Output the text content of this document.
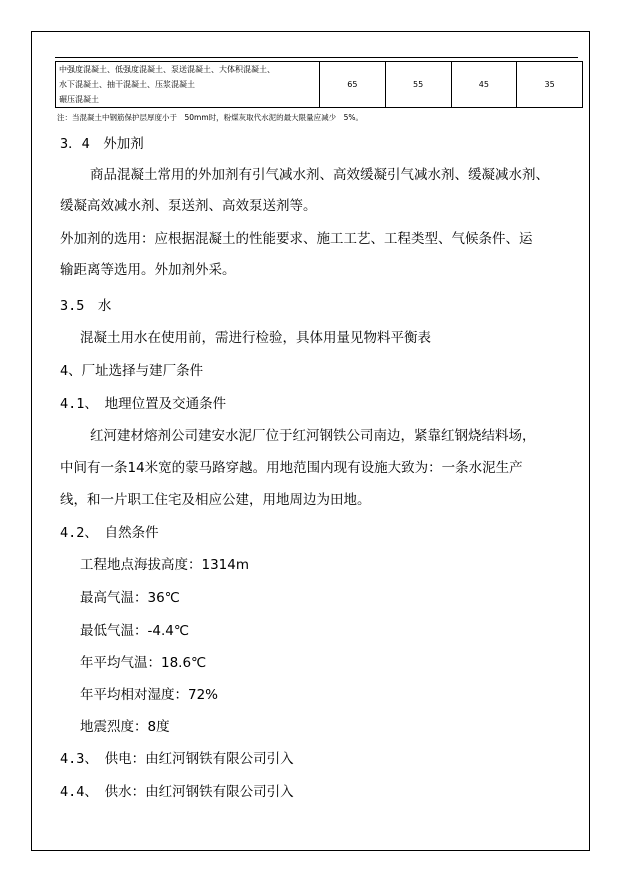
中强度混凝土、低强度混凝土、泵送混凝土、大体积混凝土、
水下混凝土、抽干混凝土、压浆混凝土
碾压混凝土
	65	55	45	35
注：当混凝土中钢筋保护层厚度小于　50mm时，粉煤灰取代水泥的最大限量应减少　5%。
3．4　外加剂
商品混凝土常用的外加剂有引气减水剂、高效缓凝引气减水剂、缓凝减水剂、
缓凝高效减水剂、泵送剂、高效泵送剂等。
外加剂的选用：应根据混凝土的性能要求、施工工艺、工程类型、气候条件、运
输距离等选用。外加剂外采。
3.5　水
混凝土用水在使用前，需进行检验，具体用量见物料平衡表
4、厂址选择与建厂条件
4.1、　地理位置及交通条件
红河建材熔剂公司建安水泥厂位于红河钢铁公司南边，紧靠红钢烧结料场，
中间有一条14米宽的蒙马路穿越。用地范围内现有设施大致为：一条水泥生产
线，和一片职工住宅及相应公建，用地周边为田地。
4.2、　自然条件
工程地点海拔高度：1314m
最高气温：36℃
最低气温：-4.4℃
年平均气温：18.6℃
年平均相对湿度：72%
地震烈度：8度
4.3、　供电：由红河钢铁有限公司引入
4.4、　供水：由红河钢铁有限公司引入
